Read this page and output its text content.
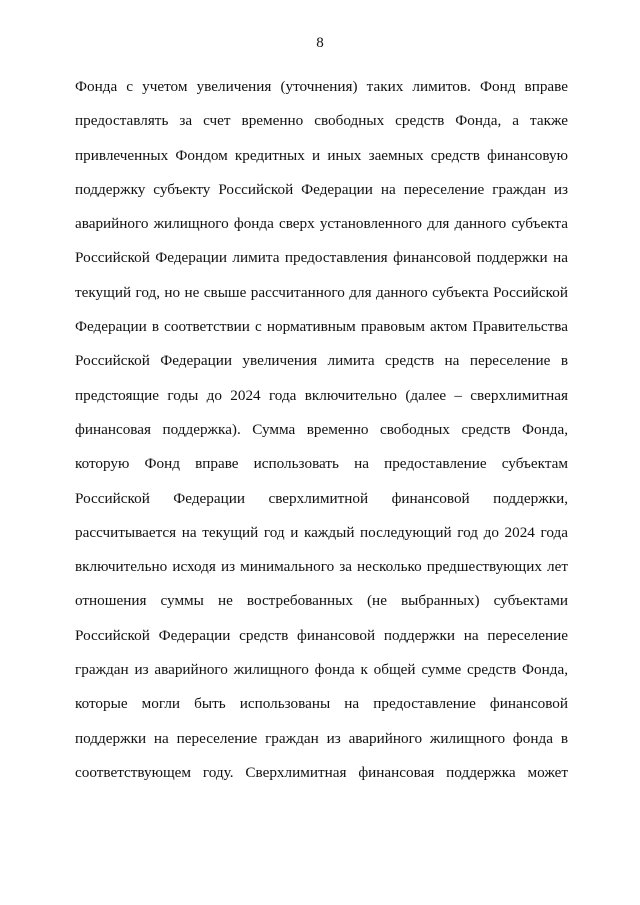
8
Фонда с учетом увеличения (уточнения) таких лимитов. Фонд вправе
предоставлять за счет временно свободных средств Фонда, а также
привлеченных Фондом кредитных и иных заемных средств финансовую
поддержку субъекту Российской Федерации на переселение граждан из
аварийного жилищного фонда сверх установленного для данного субъекта
Российской Федерации лимита предоставления финансовой поддержки на
текущий год, но не свыше рассчитанного для данного субъекта Российской
Федерации в соответствии с нормативным правовым актом Правительства
Российской Федерации увеличения лимита средств на переселение в
предстоящие годы до 2024 года включительно (далее – сверхлимитная
финансовая поддержка). Сумма временно свободных средств Фонда,
которую Фонд вправе использовать на предоставление субъектам
Российской Федерации сверхлимитной финансовой поддержки,
рассчитывается на текущий год и каждый последующий год до 2024 года
включительно исходя из минимального за несколько предшествующих лет
отношения суммы не востребованных (не выбранных) субъектами
Российской Федерации средств финансовой поддержки на переселение
граждан из аварийного жилищного фонда к общей сумме средств Фонда,
которые могли быть использованы на предоставление финансовой
поддержки на переселение граждан из аварийного жилищного фонда в
соответствующем году. Сверхлимитная финансовая поддержка может
